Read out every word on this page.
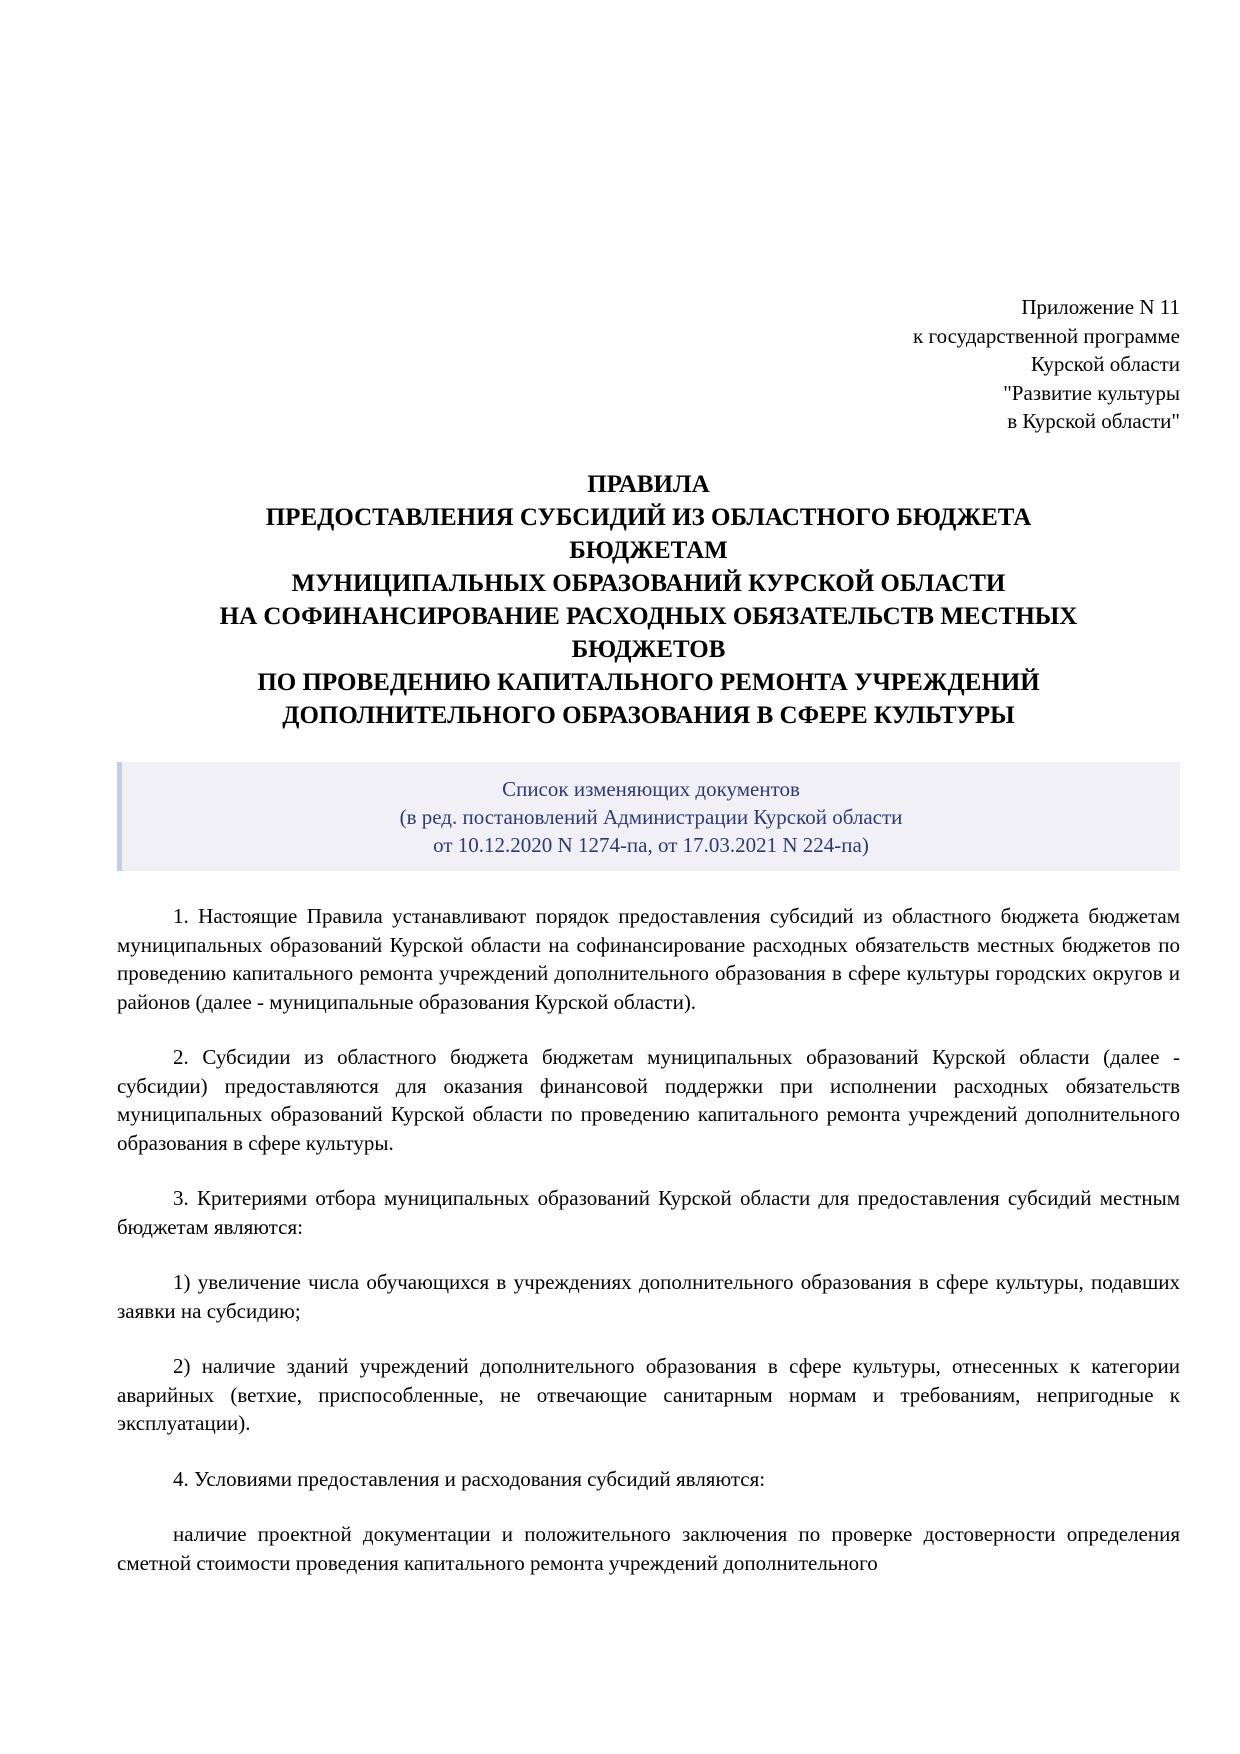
Приложение N 11
к государственной программе
Курской области
"Развитие культуры
в Курской области"
ПРАВИЛА
ПРЕДОСТАВЛЕНИЯ СУБСИДИЙ ИЗ ОБЛАСТНОГО БЮДЖЕТА
БЮДЖЕТАМ
МУНИЦИПАЛЬНЫХ ОБРАЗОВАНИЙ КУРСКОЙ ОБЛАСТИ
НА СОФИНАНСИРОВАНИЕ РАСХОДНЫХ ОБЯЗАТЕЛЬСТВ МЕСТНЫХ
БЮДЖЕТОВ
ПО ПРОВЕДЕНИЮ КАПИТАЛЬНОГО РЕМОНТА УЧРЕЖДЕНИЙ
ДОПОЛНИТЕЛЬНОГО ОБРАЗОВАНИЯ В СФЕРЕ КУЛЬТУРЫ
Список изменяющих документов
(в ред. постановлений Администрации Курской области
от 10.12.2020 N 1274-па, от 17.03.2021 N 224-па)

1. Настоящие Правила устанавливают порядок предоставления субсидий из областного бюджета бюджетам муниципальных образований Курской области на софинансирование расходных обязательств местных бюджетов по проведению капитального ремонта учреждений дополнительного образования в сфере культуры городских округов и районов (далее - муниципальные образования Курской области).

2. Субсидии из областного бюджета бюджетам муниципальных образований Курской области (далее - субсидии) предоставляются для оказания финансовой поддержки при исполнении расходных обязательств муниципальных образований Курской области по проведению капитального ремонта учреждений дополнительного образования в сфере культуры.

3. Критериями отбора муниципальных образований Курской области для предоставления субсидий местным бюджетам являются:

1) увеличение числа обучающихся в учреждениях дополнительного образования в сфере культуры, подавших заявки на субсидию;

2) наличие зданий учреждений дополнительного образования в сфере культуры, отнесенных к категории аварийных (ветхие, приспособленные, не отвечающие санитарным нормам и требованиям, непригодные к эксплуатации).

4. Условиями предоставления и расходования субсидий являются:

наличие проектной документации и положительного заключения по проверке достоверности определения сметной стоимости проведения капитального ремонта учреждений дополнительного
